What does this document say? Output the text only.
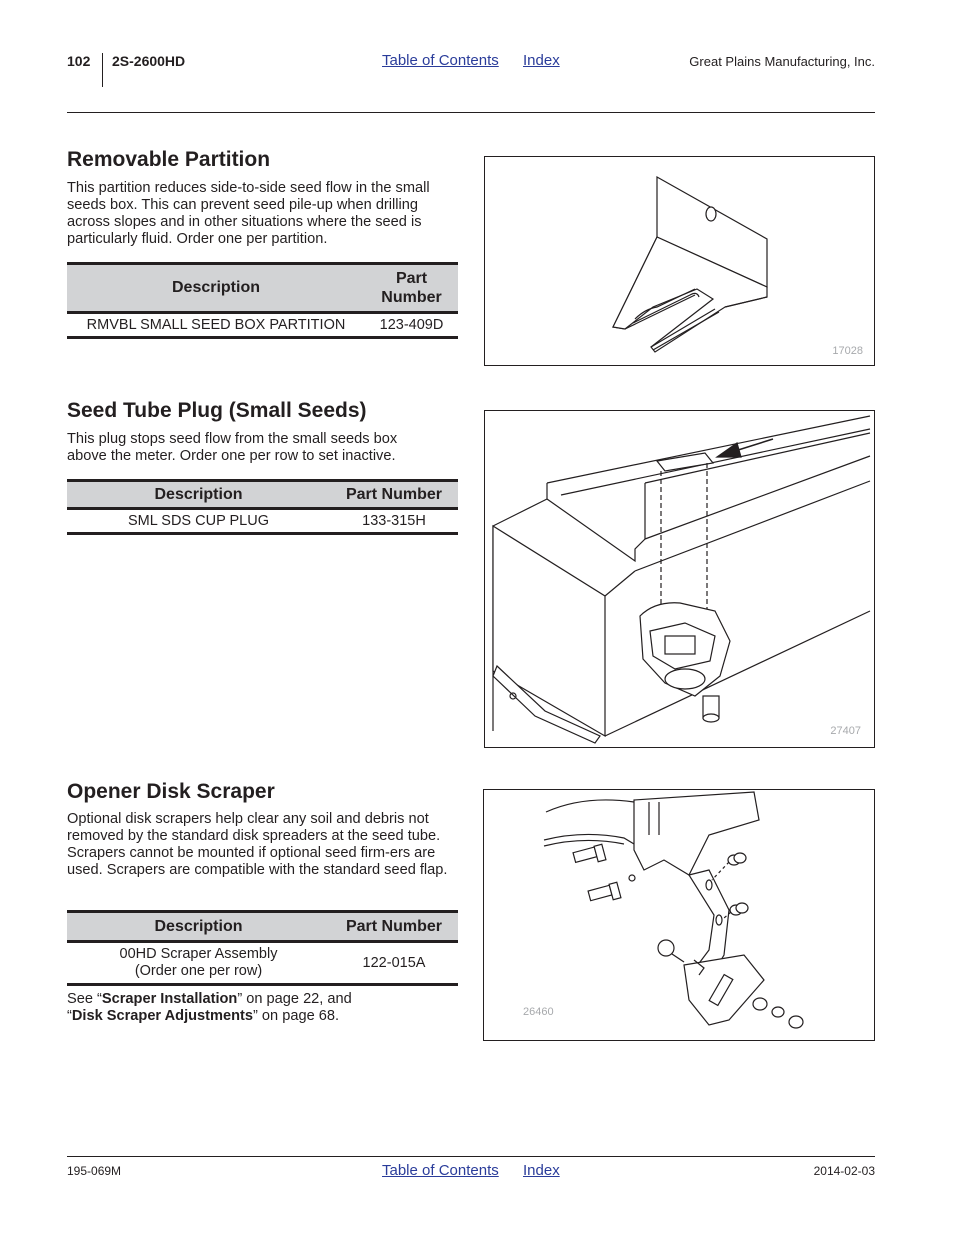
102 2S-2600HD	Table of Contents Index	Great Plains Manufacturing, Inc.
Removable Partition
This partition reduces side-to-side seed flow in the small seeds box. This can prevent seed pile-up when drilling across slopes and in other situations where the seed is particularly fluid. Order one per partition.
Description	Part Number
RMVBL SMALL SEED BOX PARTITION	123-409D
17028
Seed Tube Plug (Small Seeds)
This plug stops seed flow from the small seeds box above the meter. Order one per row to set inactive.
Description	Part Number
SML SDS CUP PLUG	133-315H
27407
Opener Disk Scraper
Optional disk scrapers help clear any soil and debris not removed by the standard disk spreaders at the seed tube. Scrapers cannot be mounted if optional seed firm-ers are used. Scrapers are compatible with the standard seed flap.
Description	Part Number

00HD Scraper Assembly
(Order one per row)	122-015A
See “Scraper Installation” on page 22, and
“Disk Scraper Adjustments” on page 68.	26460
195-069M	Table of Contents Index	2014-02-03
